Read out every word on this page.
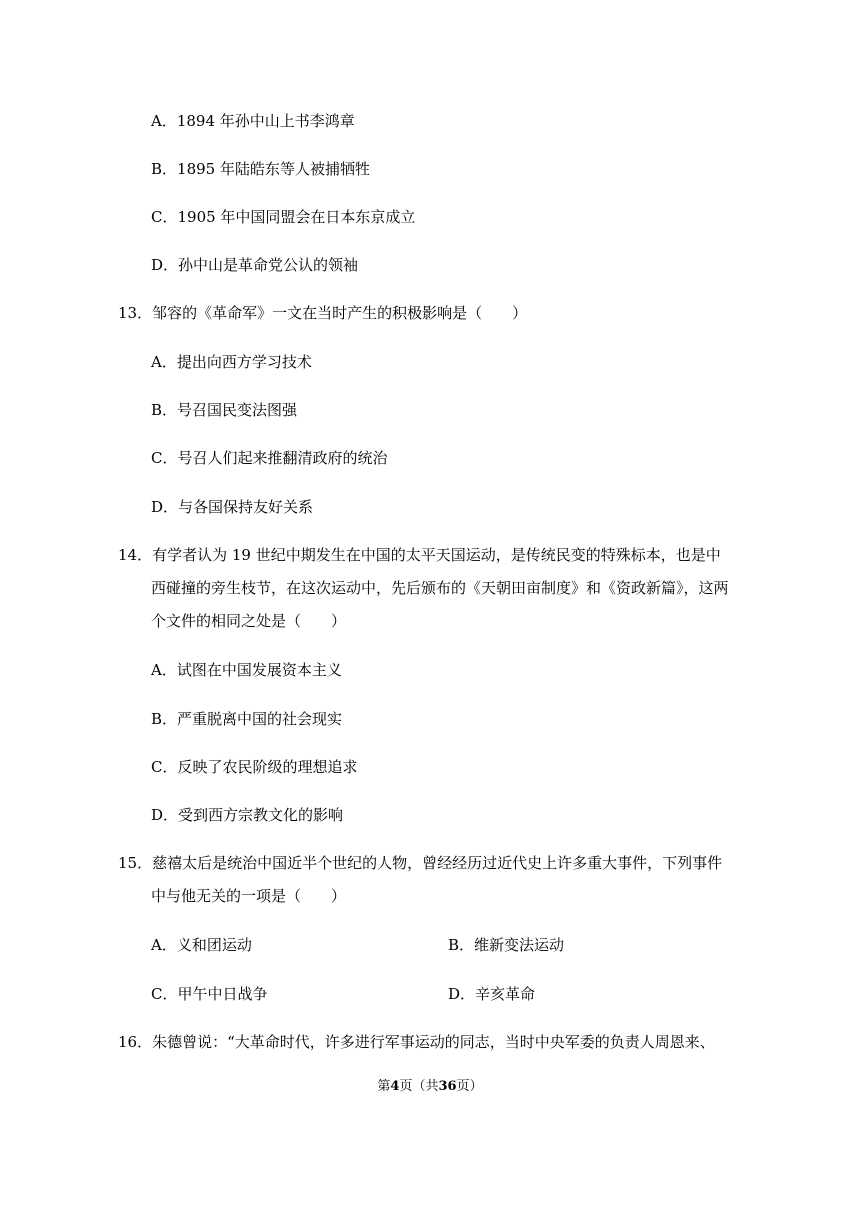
A．1894 年孙中山上书李鸿章
B．1895 年陆皓东等人被捕牺牲
C．1905 年中国同盟会在日本东京成立
D．孙中山是革命党公认的领袖
13．邹容的《革命军》一文在当时产生的积极影响是（　　）
A．提出向西方学习技术
B．号召国民变法图强
C．号召人们起来推翻清政府的统治
D．与各国保持友好关系
14．有学者认为 19 世纪中期发生在中国的太平天国运动，是传统民变的特殊标本，也是中
西碰撞的旁生枝节，在这次运动中，先后颁布的《天朝田亩制度》和《资政新篇》，这两
个文件的相同之处是（　　）
A．试图在中国发展资本主义
B．严重脱离中国的社会现实
C．反映了农民阶级的理想追求
D．受到西方宗教文化的影响
15．慈禧太后是统治中国近半个世纪的人物，曾经经历过近代史上许多重大事件，下列事件
中与他无关的一项是（　　）
A．义和团运动	B．维新变法运动
C．甲午中日战争	D．辛亥革命
16．朱德曾说：“大革命时代，许多进行军事运动的同志，当时中央军委的负责人周恩来、
第4页（共36页）
